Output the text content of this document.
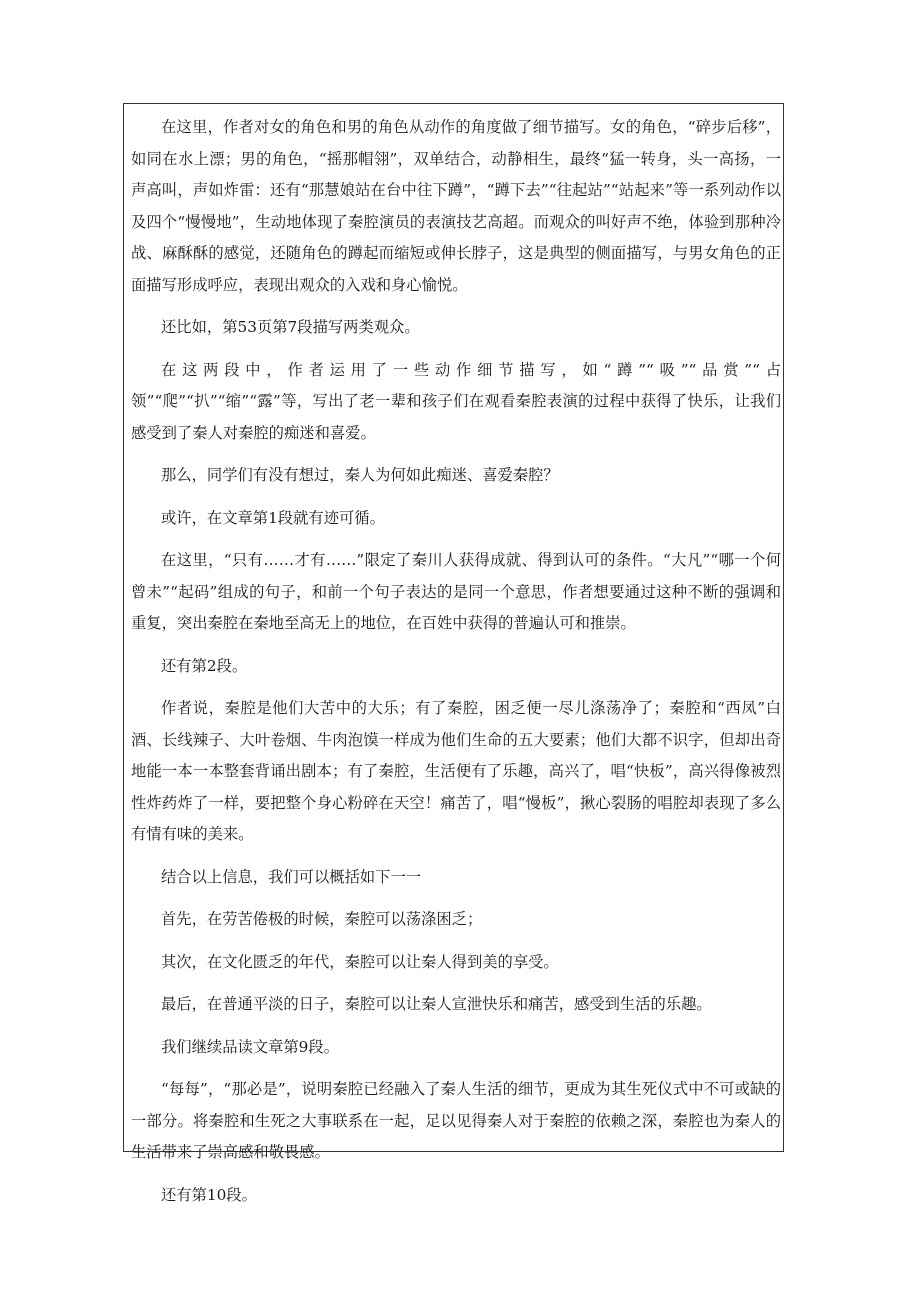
在这里，作者对女的角色和男的角色从动作的角度做了细节描写。女的角色，“碎步后移”，如同在水上漂；男的角色，“摇那帽翎”，双单结合，动静相生，最终“猛一转身，头一高扬，一声高叫，声如炸雷：还有“那慧娘站在台中往下蹲”，“蹲下去”“往起站”“站起来”等一系列动作以及四个“慢慢地”，生动地体现了秦腔演员的表演技艺高超。而观众的叫好声不绝，体验到那种冷战、麻酥酥的感觉，还随角色的蹲起而缩短或伸长脖子，这是典型的侧面描写，与男女角色的正面描写形成呼应，表现出观众的入戏和身心愉悦。

还比如，第53页第7段描写两类观众。

在这两段中，作者运用了一些动作细节描写，如“蹲”“吸”“品赏”“占领”“爬”“扒”“缩”“露”等，写出了老一辈和孩子们在观看秦腔表演的过程中获得了快乐，让我们感受到了秦人对秦腔的痴迷和喜爱。

那么，同学们有没有想过，秦人为何如此痴迷、喜爱秦腔？

或许，在文章第1段就有迹可循。

在这里，“只有……才有……”限定了秦川人获得成就、得到认可的条件。“大凡”“哪一个何曾未”“起码”组成的句子，和前一个句子表达的是同一个意思，作者想要通过这种不断的强调和重复，突出秦腔在秦地至高无上的地位，在百姓中获得的普遍认可和推崇。

还有第2段。

作者说，秦腔是他们大苦中的大乐；有了秦腔，困乏便一尽儿涤荡净了；秦腔和“西凤”白酒、长线辣子、大叶卷烟、牛肉泡馍一样成为他们生命的五大要素；他们大都不识字，但却出奇地能一本一本整套背诵出剧本；有了秦腔，生活便有了乐趣，高兴了，唱“快板”，高兴得像被烈性炸药炸了一样，要把整个身心粉碎在天空！痛苦了，唱“慢板”，揪心裂肠的唱腔却表现了多么有情有味的美来。

结合以上信息，我们可以概括如下一一

首先，在劳苦倦极的时候，秦腔可以荡涤困乏；

其次，在文化匮乏的年代，秦腔可以让秦人得到美的享受。

最后，在普通平淡的日子，秦腔可以让秦人宣泄快乐和痛苦，感受到生活的乐趣。

我们继续品读文章第9段。

“每每”，“那必是”，说明秦腔已经融入了秦人生活的细节，更成为其生死仪式中不可或缺的一部分。将秦腔和生死之大事联系在一起，足以见得秦人对于秦腔的依赖之深，秦腔也为秦人的生活带来了崇高感和敬畏感。

还有第10段。
